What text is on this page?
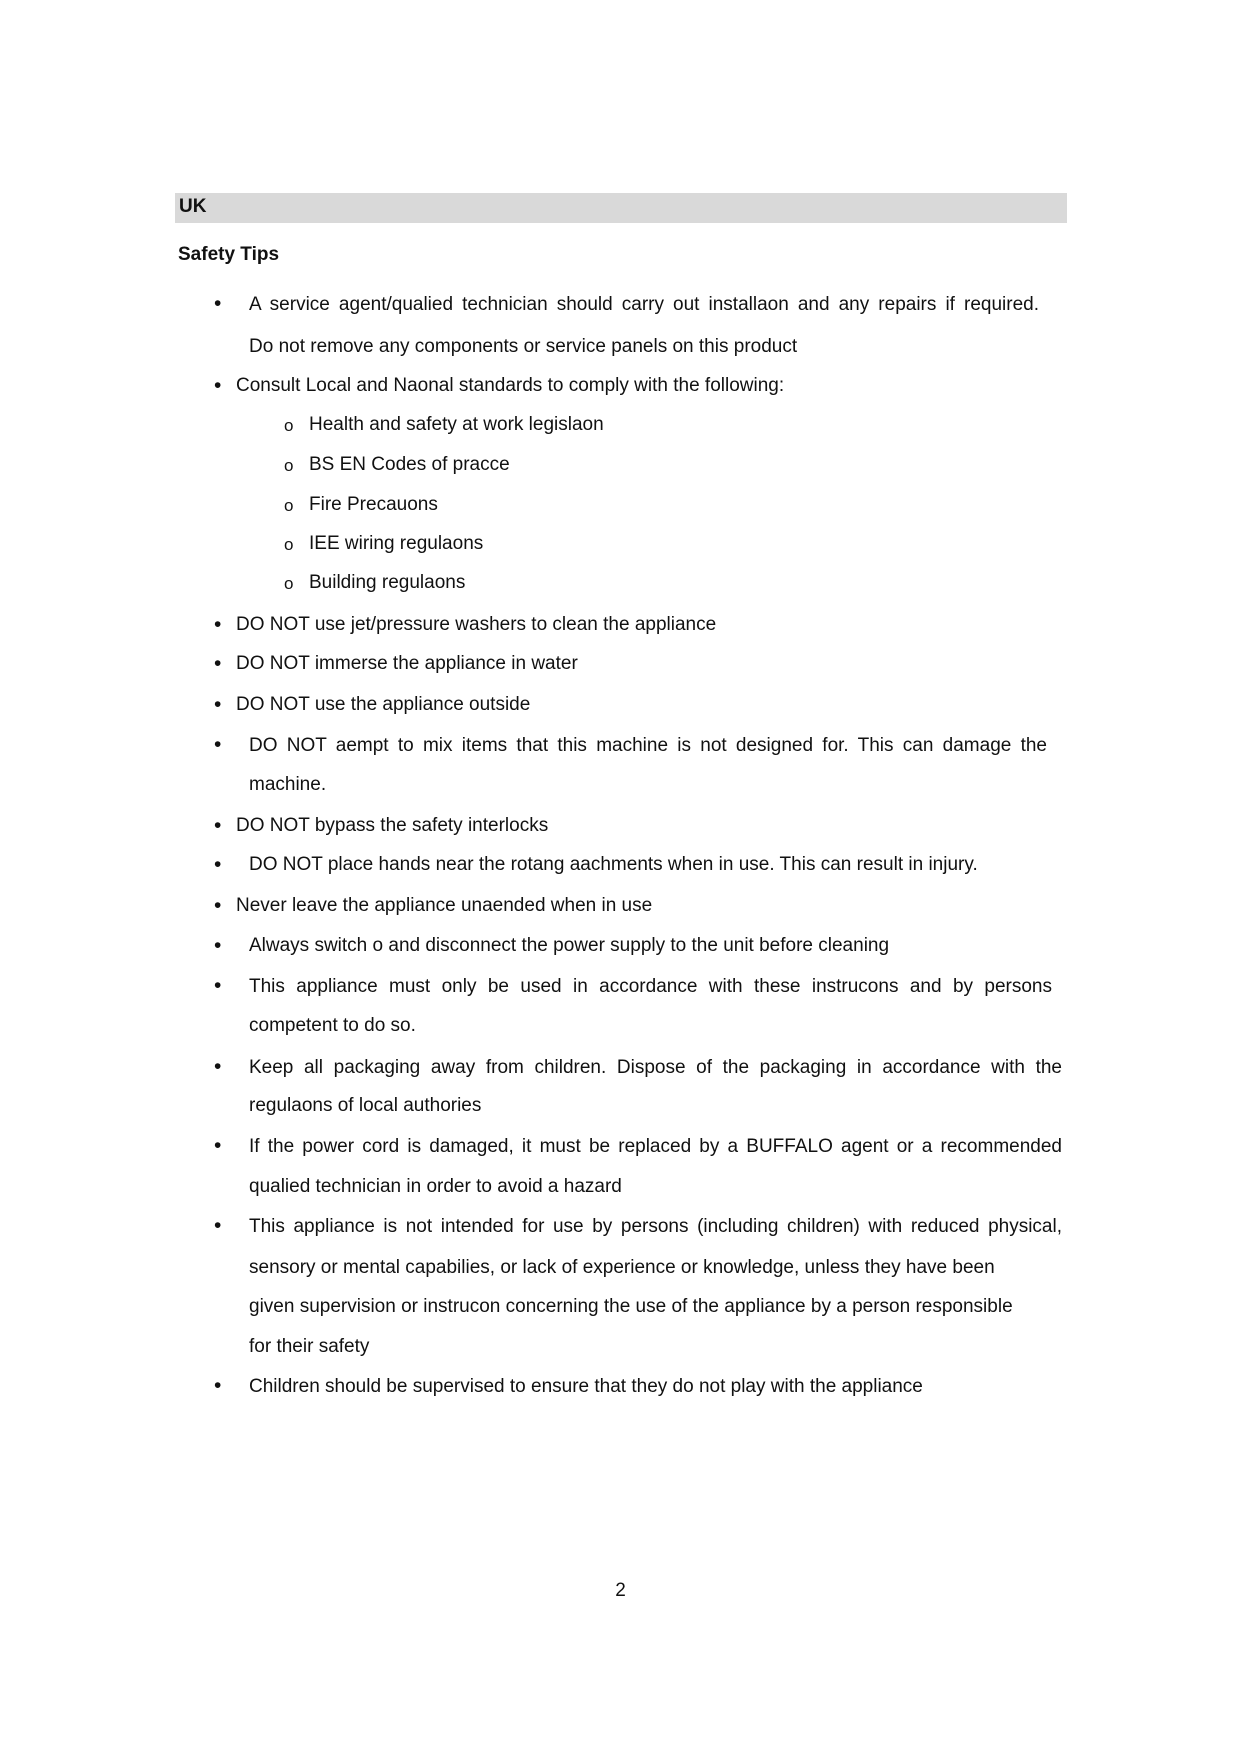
UK
Safety Tips
• A service agent/qualied technician should carry out installaon and any repairs if required.
Do not remove any components or service panels on this product
• Consult Local and Naonal standards to comply with the following:
o Health and safety at work legislaon
o BS EN Codes of pracce
o Fire Precauons
o IEE wiring regulaons
o Building regulaons
• DO NOT use jet/pressure washers to clean the appliance
• DO NOT immerse the appliance in water
• DO NOT use the appliance outside
• DO NOT aempt to mix items that this machine is not designed for. This can damage the
machine.
• DO NOT bypass the safety interlocks
• DO NOT place hands near the rotang aachments when in use. This can result in injury.
• Never leave the appliance unaended when in use
• Always switch o and disconnect the power supply to the unit before cleaning
• This appliance must only be used in accordance with these instrucons and by persons
competent to do so.
• Keep all packaging away from children. Dispose of the packaging in accordance with the
regulaons of local authories
• If the power cord is damaged, it must be replaced by a BUFFALO agent or a recommended
qualied technician in order to avoid a hazard
• This appliance is not intended for use by persons (including children) with reduced physical,
sensory or mental capabilies, or lack of experience or knowledge, unless they have been
given supervision or instrucon concerning the use of the appliance by a person responsible
for their safety
• Children should be supervised to ensure that they do not play with the appliance
2
